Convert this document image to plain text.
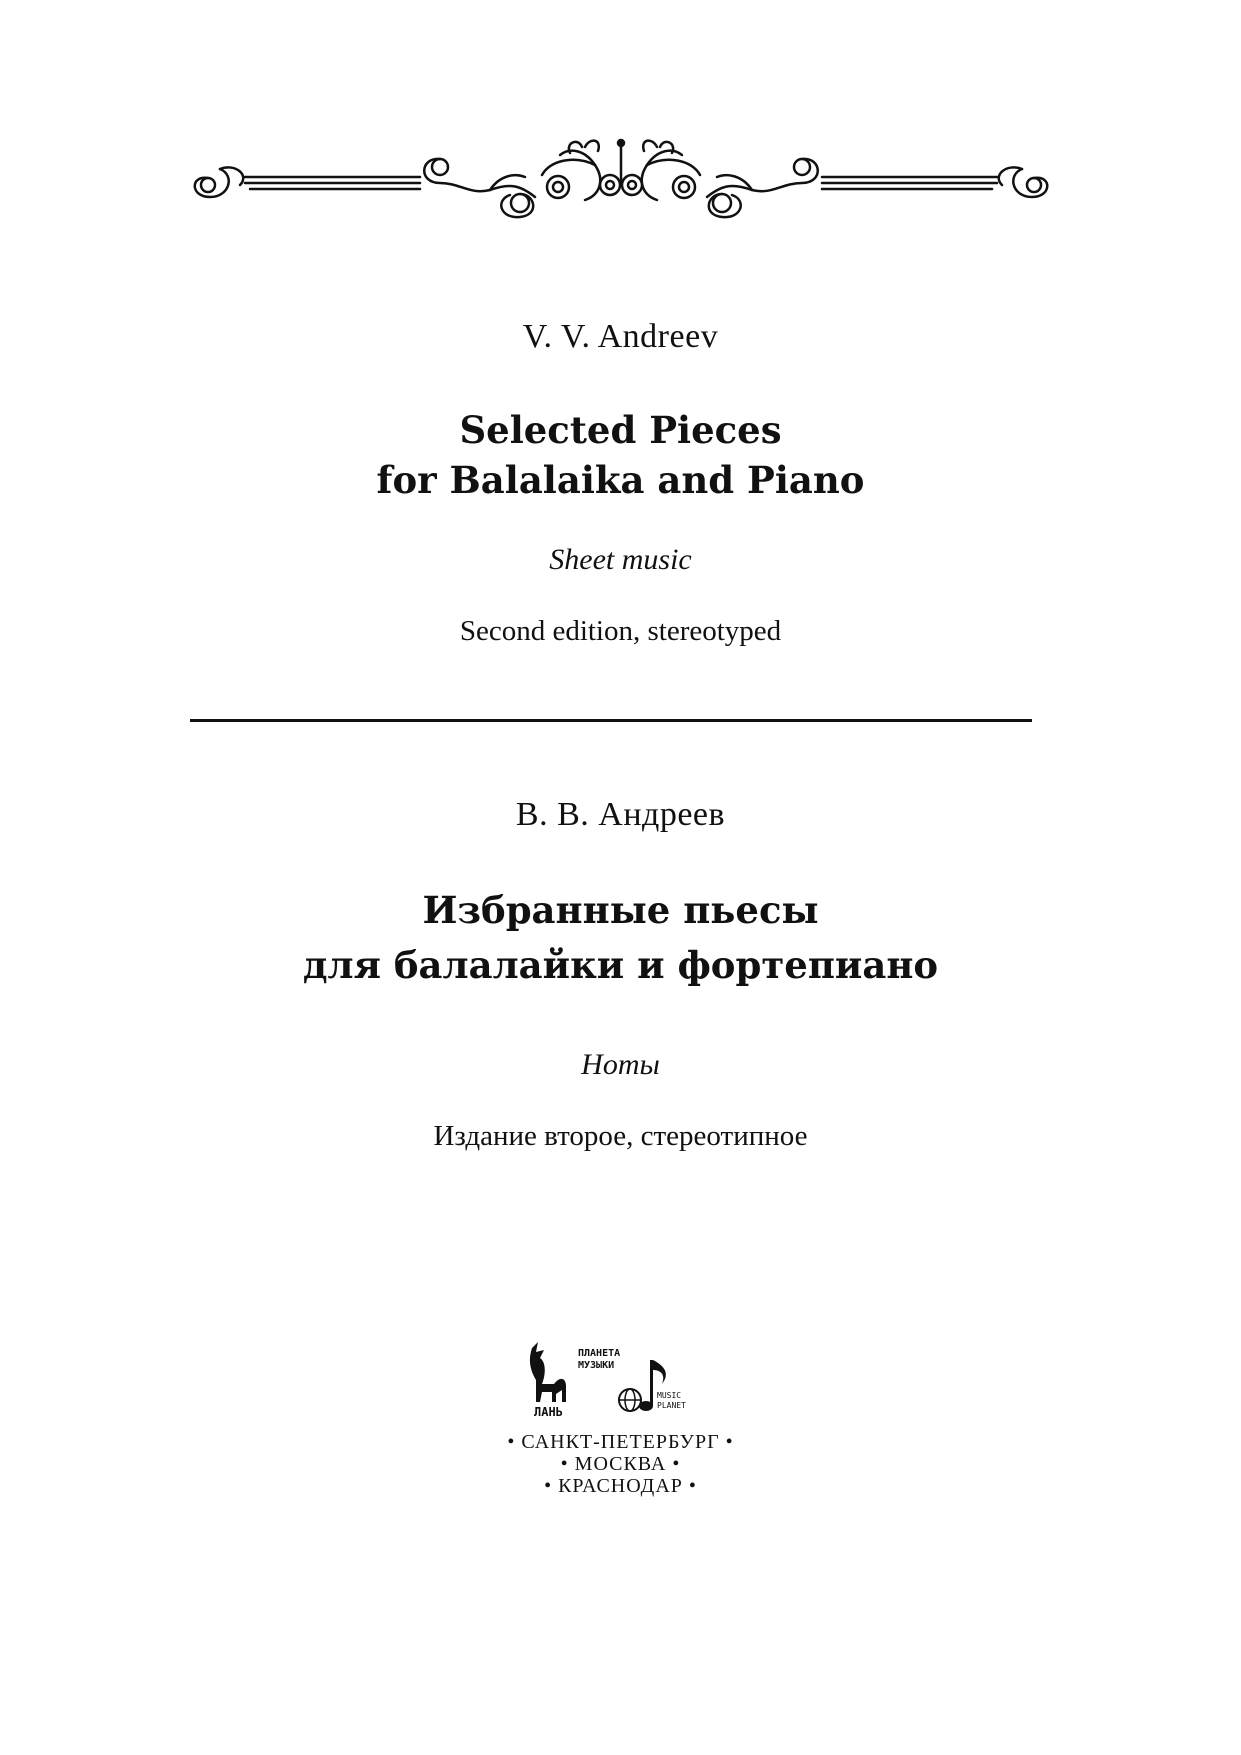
V. V. Andreev
Selected Pieces
for Balalaika and Piano
Sheet music
Second edition, stereotyped
В. В. Андреев
Избранные пьесы
для балалайки и фортепиано
Ноты
Издание второе, стереотипное
ПЛАНЕТА
МУЗЫКИ
ЛАНЬ
MUSIC
PLANET
• САНКТ-ПЕТЕРБУРГ •
• МОСКВА •
• КРАСНОДАР •
